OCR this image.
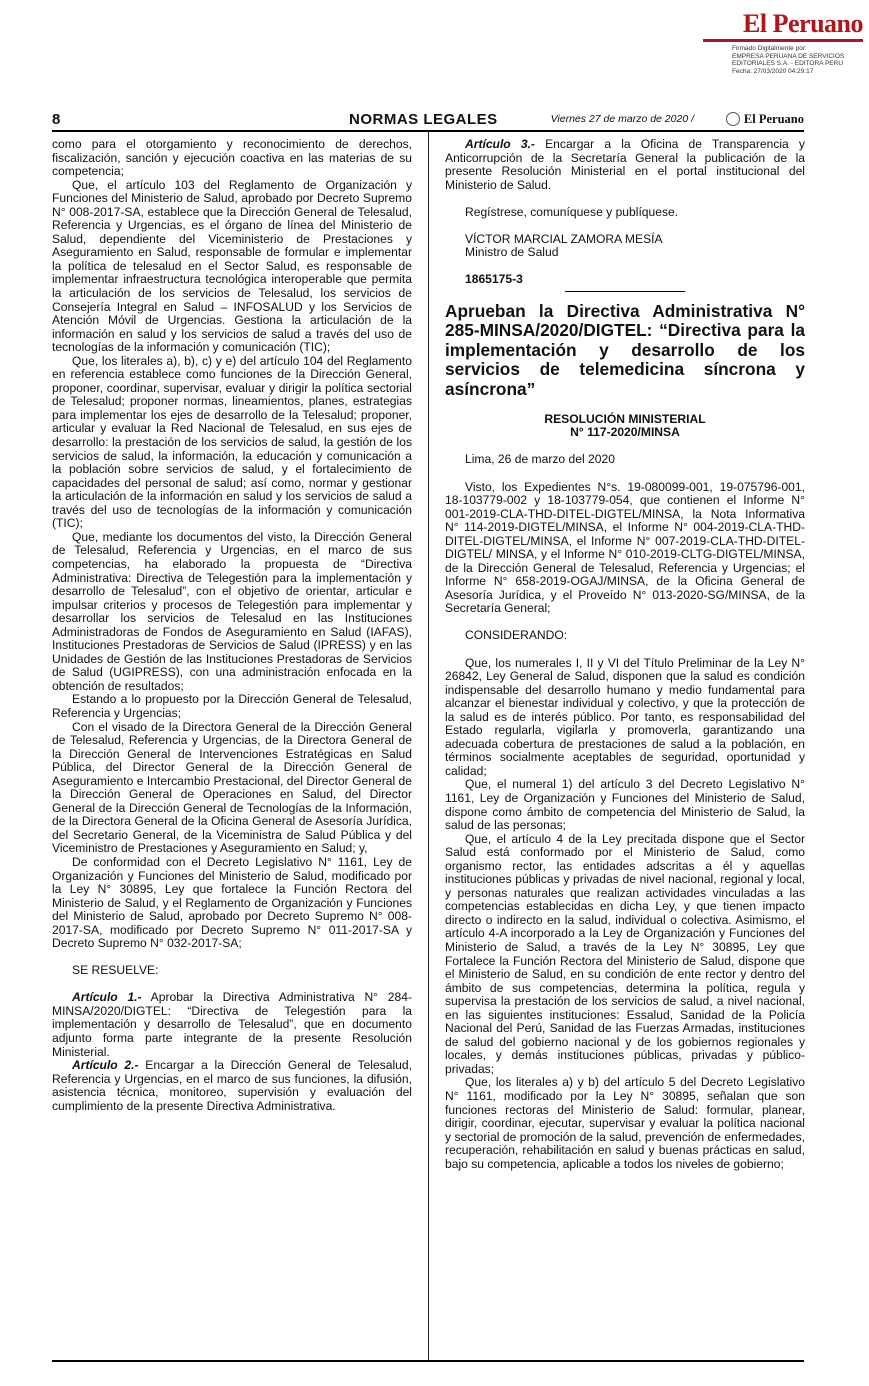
El Peruano
Firmado Digitalmente por:
EMPRESA PERUANA DE SERVICIOS
EDITORIALES S.A. - EDITORA PERU
Fecha: 27/03/2020 04:29:17
8	NORMAS LEGALES	Viernes 27 de marzo de 2020 /	El Peruano

como para el otorgamiento y reconocimiento de derechos, fiscalización, sanción y ejecución coactiva en las materias de su competencia;

Que, el artículo 103 del Reglamento de Organización y Funciones del Ministerio de Salud, aprobado por Decreto Supremo N° 008-2017-SA, establece que la Dirección General de Telesalud, Referencia y Urgencias, es el órgano de línea del Ministerio de Salud, dependiente del Viceministerio de Prestaciones y Aseguramiento en Salud, responsable de formular e implementar la política de telesalud en el Sector Salud, es responsable de implementar infraestructura tecnológica interoperable que permita la articulación de los servicios de Telesalud, los servicios de Consejería Integral en Salud – INFOSALUD y los Servicios de Atención Móvil de Urgencias. Gestiona la articulación de la información en salud y los servicios de salud a través del uso de tecnologías de la información y comunicación (TIC);

Que, los literales a), b), c) y e) del artículo 104 del Reglamento en referencia establece como funciones de la Dirección General, proponer, coordinar, supervisar, evaluar y dirigir la política sectorial de Telesalud; proponer normas, lineamientos, planes, estrategias para implementar los ejes de desarrollo de la Telesalud; proponer, articular y evaluar la Red Nacional de Telesalud, en sus ejes de desarrollo: la prestación de los servicios de salud, la gestión de los servicios de salud, la información, la educación y comunicación a la población sobre servicios de salud, y el fortalecimiento de capacidades del personal de salud; así como, normar y gestionar la articulación de la información en salud y los servicios de salud a través del uso de tecnologías de la información y comunicación (TIC);

Que, mediante los documentos del visto, la Dirección General de Telesalud, Referencia y Urgencias, en el marco de sus competencias, ha elaborado la propuesta de “Directiva Administrativa: Directiva de Telegestión para la implementación y desarrollo de Telesalud”, con el objetivo de orientar, articular e impulsar criterios y procesos de Telegestión para implementar y desarrollar los servicios de Telesalud en las Instituciones Administradoras de Fondos de Aseguramiento en Salud (IAFAS), Instituciones Prestadoras de Servicios de Salud (IPRESS) y en las Unidades de Gestión de las Instituciones Prestadoras de Servicios de Salud (UGIPRESS), con una administración enfocada en la obtención de resultados;

Estando a lo propuesto por la Dirección General de Telesalud, Referencia y Urgencias;

Con el visado de la Directora General de la Dirección General de Telesalud, Referencia y Urgencias, de la Directora General de la Dirección General de Intervenciones Estratégicas en Salud Pública, del Director General de la Dirección General de Aseguramiento e Intercambio Prestacional, del Director General de la Dirección General de Operaciones en Salud, del Director General de la Dirección General de Tecnologías de la Información, de la Directora General de la Oficina General de Asesoría Jurídica, del Secretario General, de la Viceministra de Salud Pública y del Viceministro de Prestaciones y Aseguramiento en Salud; y,

De conformidad con el Decreto Legislativo N° 1161, Ley de Organización y Funciones del Ministerio de Salud, modificado por la Ley N° 30895, Ley que fortalece la Función Rectora del Ministerio de Salud, y el Reglamento de Organización y Funciones del Ministerio de Salud, aprobado por Decreto Supremo N° 008-2017-SA, modificado por Decreto Supremo N° 011-2017-SA y Decreto Supremo N° 032-2017-SA;

SE RESUELVE:

Artículo 1.- Aprobar la Directiva Administrativa N° 284-MINSA/2020/DIGTEL: “Directiva de Telegestión para la implementación y desarrollo de Telesalud”, que en documento adjunto forma parte integrante de la presente Resolución Ministerial.

Artículo 2.- Encargar a la Dirección General de Telesalud, Referencia y Urgencias, en el marco de sus funciones, la difusión, asistencia técnica, monitoreo, supervisión y evaluación del cumplimiento de la presente Directiva Administrativa.

Artículo 3.- Encargar a la Oficina de Transparencia y Anticorrupción de la Secretaría General la publicación de la presente Resolución Ministerial en el portal institucional del Ministerio de Salud.

Regístrese, comuníquese y publíquese.

VÍCTOR MARCIAL ZAMORA MESÍA

Ministro de Salud

1865175-3

Aprueban la Directiva Administrativa N° 285-MINSA/2020/DIGTEL: “Directiva para la implementación y desarrollo de los servicios de telemedicina síncrona y asíncrona”

RESOLUCIÓN MINISTERIAL

N° 117-2020/MINSA

Lima, 26 de marzo del 2020

Visto, los Expedientes N°s. 19-080099-001, 19-075796-001, 18-103779-002 y 18-103779-054, que contienen el Informe N° 001-2019-CLA-THD-DITEL-DIGTEL/MINSA, la Nota Informativa N° 114-2019-DIGTEL/MINSA, el Informe N° 004-2019-CLA-THD-DITEL-DIGTEL/MINSA, el Informe N° 007-2019-CLA-THD-DITEL-DIGTEL/ MINSA, y el Informe N° 010-2019-CLTG-DIGTEL/MINSA, de la Dirección General de Telesalud, Referencia y Urgencias; el Informe N° 658-2019-OGAJ/MINSA, de la Oficina General de Asesoría Jurídica, y el Proveído N° 013-2020-SG/MINSA, de la Secretaría General;

CONSIDERANDO:

Que, los numerales I, II y VI del Título Preliminar de la Ley N° 26842, Ley General de Salud, disponen que la salud es condición indispensable del desarrollo humano y medio fundamental para alcanzar el bienestar individual y colectivo, y que la protección de la salud es de interés público. Por tanto, es responsabilidad del Estado regularla, vigilarla y promoverla, garantizando una adecuada cobertura de prestaciones de salud a la población, en términos socialmente aceptables de seguridad, oportunidad y calidad;

Que, el numeral 1) del artículo 3 del Decreto Legislativo N° 1161, Ley de Organización y Funciones del Ministerio de Salud, dispone como ámbito de competencia del Ministerio de Salud, la salud de las personas;

Que, el artículo 4 de la Ley precitada dispone que el Sector Salud está conformado por el Ministerio de Salud, como organismo rector, las entidades adscritas a él y aquellas instituciones públicas y privadas de nivel nacional, regional y local, y personas naturales que realizan actividades vinculadas a las competencias establecidas en dicha Ley, y que tienen impacto directo o indirecto en la salud, individual o colectiva. Asimismo, el artículo 4-A incorporado a la Ley de Organización y Funciones del Ministerio de Salud, a través de la Ley N° 30895, Ley que Fortalece la Función Rectora del Ministerio de Salud, dispone que el Ministerio de Salud, en su condición de ente rector y dentro del ámbito de sus competencias, determina la política, regula y supervisa la prestación de los servicios de salud, a nivel nacional, en las siguientes instituciones: Essalud, Sanidad de la Policía Nacional del Perú, Sanidad de las Fuerzas Armadas, instituciones de salud del gobierno nacional y de los gobiernos regionales y locales, y demás instituciones públicas, privadas y público-privadas;

Que, los literales a) y b) del artículo 5 del Decreto Legislativo N° 1161, modificado por la Ley N° 30895, señalan que son funciones rectoras del Ministerio de Salud: formular, planear, dirigir, coordinar, ejecutar, supervisar y evaluar la política nacional y sectorial de promoción de la salud, prevención de enfermedades, recuperación, rehabilitación en salud y buenas prácticas en salud, bajo su competencia, aplicable a todos los niveles de gobierno;
